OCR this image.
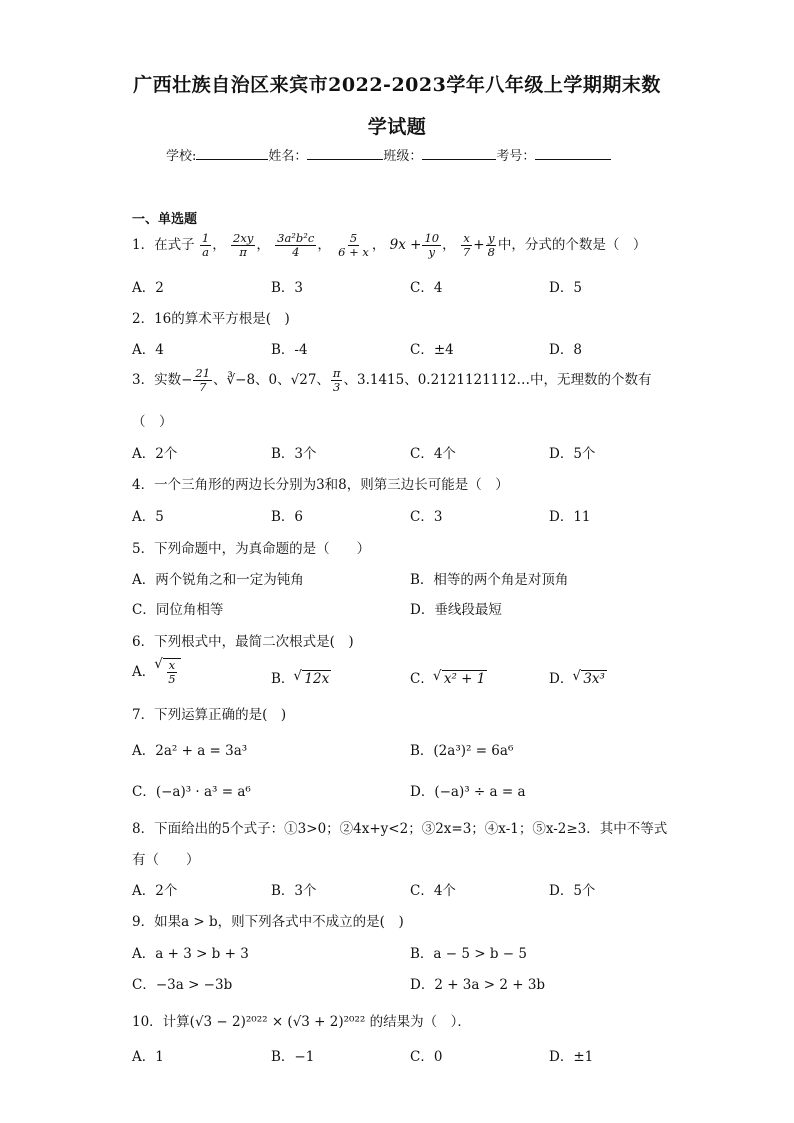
广西壮族自治区来宾市2022-2023学年八年级上学期期末数
学试题
学校:	姓名：	班级：	考号：
一、单选题
1．在式子 $\frac{1}{a}$ ， $\frac{2xy}{\pi}$ ， $\frac{\text{3a²b²c}}{4}$ ， $\frac{5}{6 + x}$ ， $9x + \frac{10}{y}$ ， $\frac{x}{7} + \frac{y}{8}$ 中，分式的个数是（　）
A．2	B．3	C．4	D．5
2．16的算术平方根是(　)
A．4	B．-4	C．±4	D．8
3．实数− $\frac{21}{7}$ 、∛−8、0、√27、 $\frac{\pi}{3}$ 、3.1415、0.2121121112…中，无理数的个数有
（　）
A．2个	B．3个	C．4个	D．5个
4．一个三角形的两边长分别为3和8，则第三边长可能是（　）
A．5	B．6	C．3	D．11
5．下列命题中，为真命题的是（　　）
A．两个锐角之和一定为钝角	B．相等的两个角是对顶角
C．同位角相等	D．垂线段最短
6．下列根式中，最简二次根式是(　)
A． √ $\frac{x}{5}$	B． √ 12x	C． √ x² + 1	D． √ 3x³
7．下列运算正确的是(　)
A．2a² + a = 3a³	B．(2a³)² = 6a⁶
C．(−a)³ · a³ = a⁶	D．(−a)³ ÷ a = a
8．下面给出的5个式子：①3>0；②4x+y<2；③2x=3；④x-1；⑤x-2≥3．其中不等式
有（　　）
A．2个	B．3个	C．4个	D．5个
9．如果a > b，则下列各式中不成立的是(　)
A．a + 3 > b + 3	B．a − 5 > b − 5
C．−3a > −3b	D．2 + 3a > 2 + 3b
10．计算(√3 − 2)²⁰²² × (√3 + 2)²⁰²² 的结果为（　）．
A．1	B．−1	C．0	D．±1
